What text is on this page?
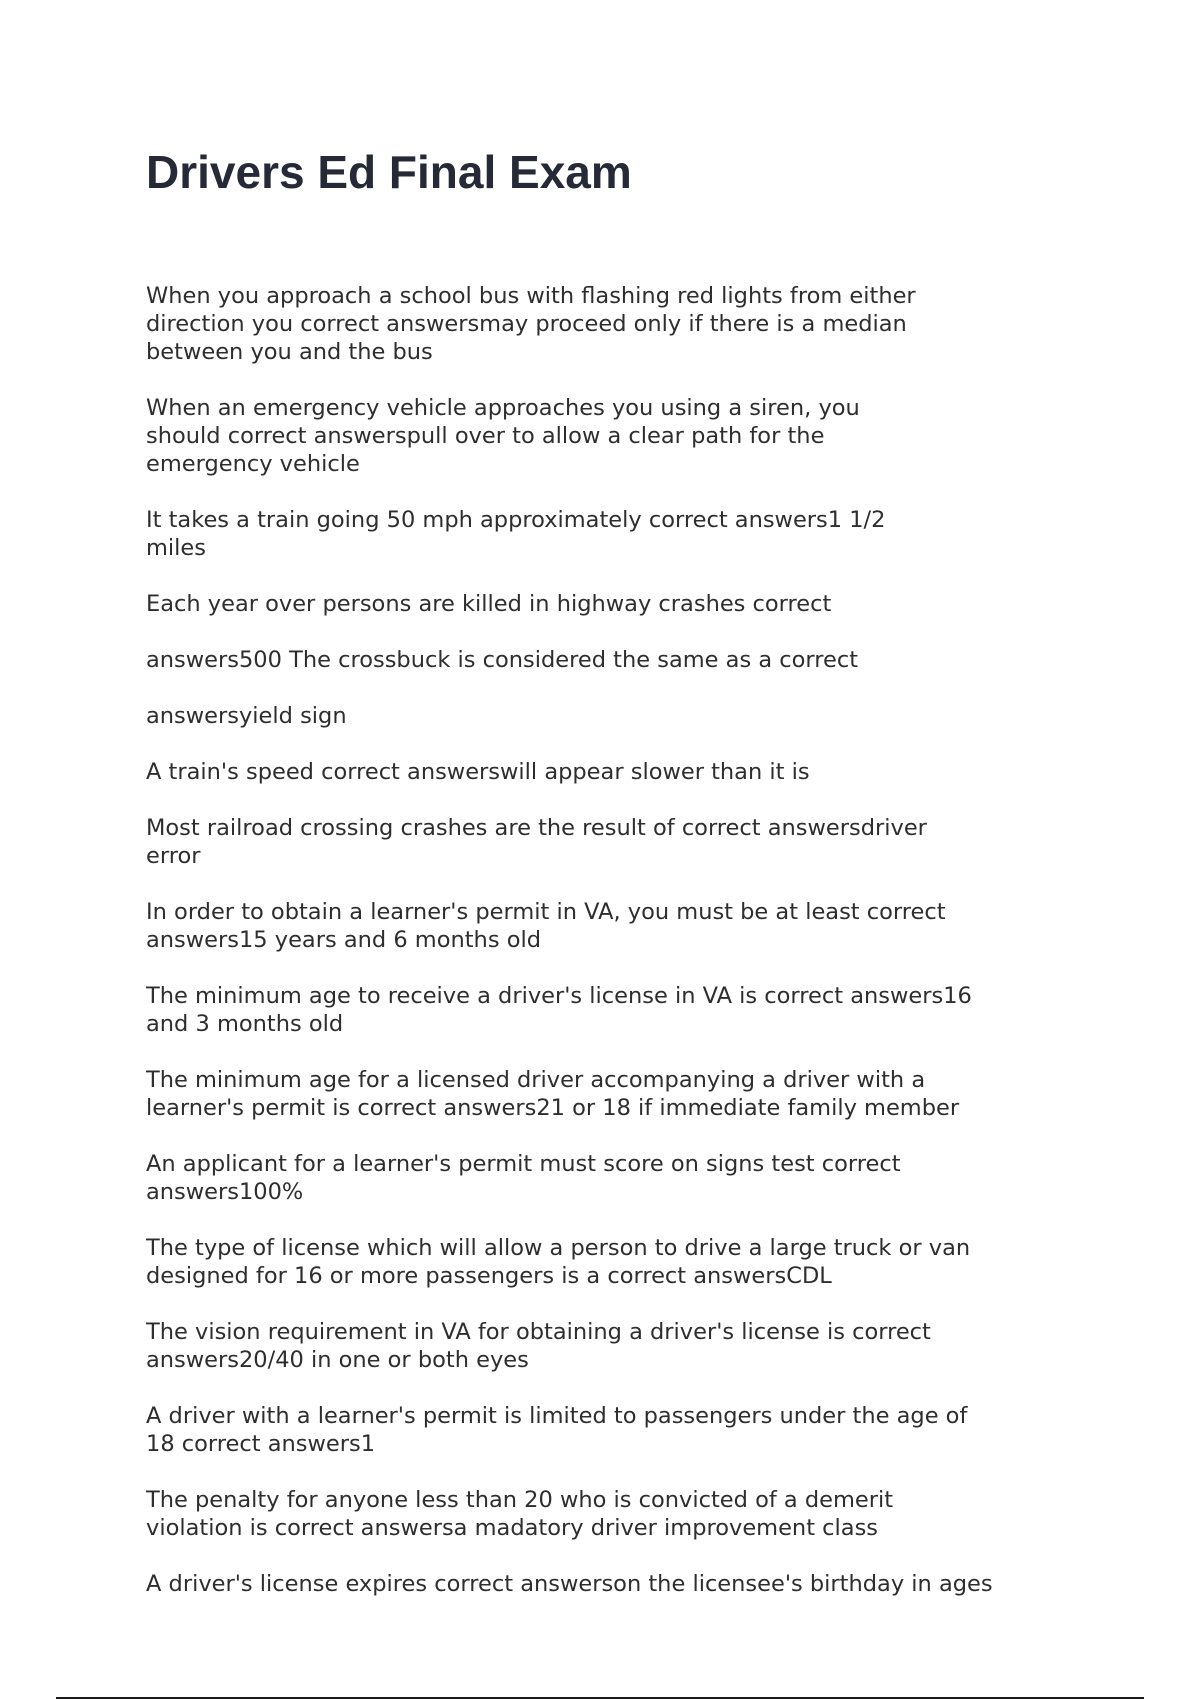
Drivers Ed Final Exam

When you approach a school bus with flashing red lights from either
direction you correct answersmay proceed only if there is a median
between you and the bus

When an emergency vehicle approaches you using a siren, you
should correct answerspull over to allow a clear path for the
emergency vehicle

It takes a train going 50 mph approximately correct answers1 1/2
miles

Each year over persons are killed in highway crashes correct

answers500 The crossbuck is considered the same as a correct

answersyield sign

A train's speed correct answerswill appear slower than it is

Most railroad crossing crashes are the result of correct answersdriver
error

In order to obtain a learner's permit in VA, you must be at least correct
answers15 years and 6 months old

The minimum age to receive a driver's license in VA is correct answers16
and 3 months old

The minimum age for a licensed driver accompanying a driver with a
learner's permit is correct answers21 or 18 if immediate family member

An applicant for a learner's permit must score on signs test correct
answers100%

The type of license which will allow a person to drive a large truck or van
designed for 16 or more passengers is a correct answersCDL

The vision requirement in VA for obtaining a driver's license is correct
answers20/40 in one or both eyes

A driver with a learner's permit is limited to passengers under the age of
18 correct answers1

The penalty for anyone less than 20 who is convicted of a demerit
violation is correct answersa madatory driver improvement class

A driver's license expires correct answerson the licensee's birthday in ages
